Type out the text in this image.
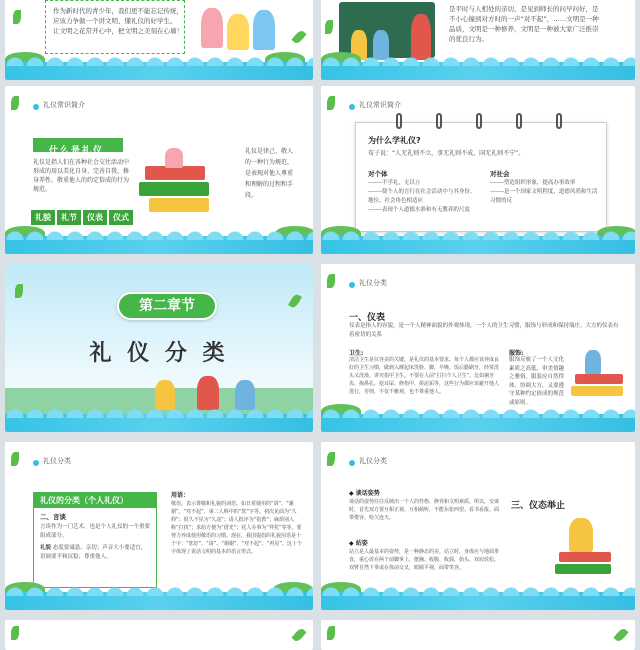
作为新时代的青少年，我们更不能忘记传统，
应该力争做一个讲文明、懂礼仪的好学生。
让文明之花常开心中，把文明之美刻在心墙！
是平时与人相处的亲切，是见到师长的问早问好，是
不小心撞到对方时的一声“对不起”，……文明是一种
品质，文明是一种修养，文明是一种被大家广泛推崇
的优良行为。
礼仪常识简介
什么是礼仪
礼仪是指人们在各种社会交往活动中形成的用以美化自身、完善自我、修身养性、敬重他人的约定俗成的行为规范。
礼貌	礼节	仪表	仪式
礼仪是律己、敬人的一种行为规范，是表现对他人尊重和理解的过程和手段。
礼仪常识简介
为什么学礼仪?
荀子说：“人无礼则不立，事无礼则不成，国无礼则不宁”。
对个体
-------不学礼，无以立
-------使个人的言行在社会活动中与其身份、地位、社会角色相适应
-------表现个人道德水准和有无教养的尺度
对社会
-------塑造组织形象，提高办事效率
-------是一个国家文明程度、道德风尚和生活习惯的反
第二章节
礼 仪 分 类
礼仪分类
一、仪表
仪表是指人的容貌，是一个人精神面貌的外观体现。一个人的卫生习惯，服饰与形成和保持端庄、大方的仪表有着密切的关系
卫生:
清洁卫生是仪容美的关键，是礼仪的基本要求。每个人都应该养成良好的卫生习惯，做到入睡起床洗脸、脚，早晚、饭后勤刷牙，经常洗头又洗澡，讲究指甲卫生。不要在人前“打扫个人卫生”。比如剔牙齿、掏鼻孔、挖耳屎、修指甲、搓泥垢等，这些行为都应该避开他人进行，否则，不仅不雅观，也不尊重他人。
服饰:
服饰反映了一个人文化素质之高低，审美情趣之雅俗。服装应自然得体、协调大方，又要遵守某种约定俗成的规范或原则。
礼仪分类
礼仪的分类（个人礼仪）
二、言谈
言谈作为一门艺术，也是个人礼仪的一个重要组成部分。
礼貌 态度要诚恳、亲切；声音大小要适宜，语调要平和沉稳；尊重他人。
用语：
敬语，表示尊敬和礼貌的词语。如日常使用的“请”、“谢谢”、“对不起”，第二人称中的“您”字等。初次见面为“久仰”；很久不见为“久违”；请人批评为“指教”；麻烦别人称“打扰”；求给方便为“借光”；托人办事为“拜托”等等。要努力养成使用敬语的习惯。现在，我国提倡的礼貌用语是十个字：“您好”、“请”、“谢谢”、“对不起”、“再见”。这十个字体现了说话文明的基本的语言形式。
礼仪分类
◆ 谈话姿势
谈话的姿势往往反映出一个人的性格、修养和文明素质。所以，交谈时，首先双方要互相正视、互相倾听，不能东张西望、看书看报、面带倦容、哈欠连天。
◆ 站姿
站立是人最基本的姿势，是一种静态的美。站立时，身体应与地面垂直，重心放在两个前脚掌上，挺胸、收腹、收颌、抬头、双肩放松。双臂自然下垂或在体前交叉，眼睛平视，面带笑容。
三、仪态举止
